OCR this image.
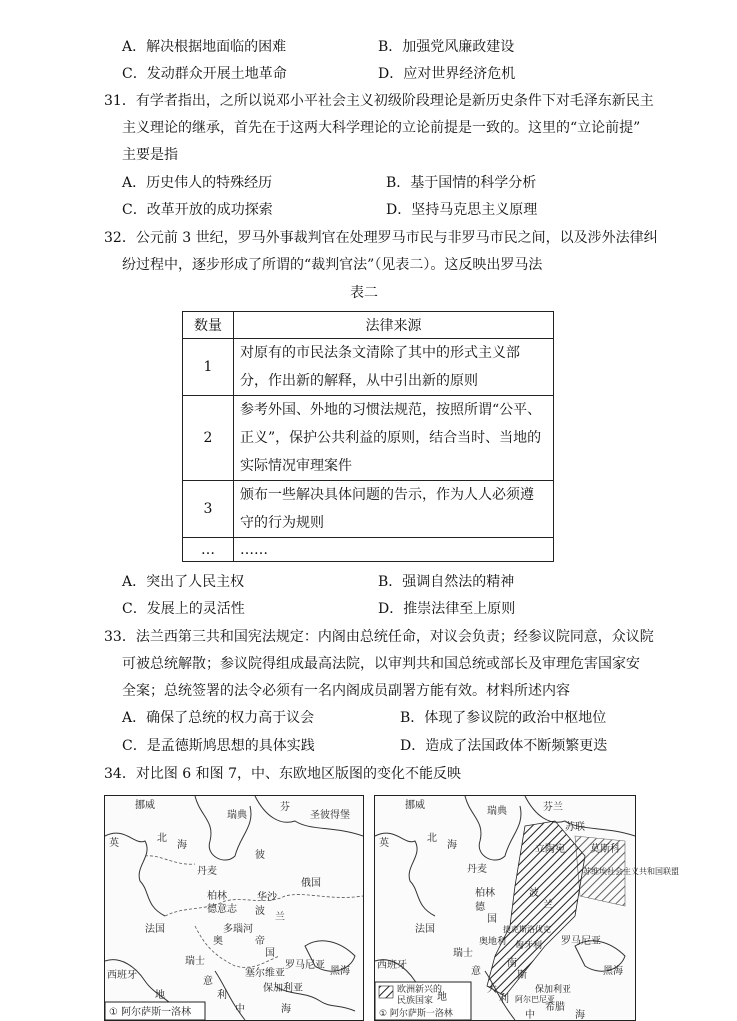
A．解决根据地面临的困难	B．加强党风廉政建设
C．发动群众开展土地革命	D．应对世界经济危机
31．有学者指出，之所以说邓小平社会主义初级阶段理论是新历史条件下对毛泽东新民主
主义理论的继承，首先在于这两大科学理论的立论前提是一致的。这里的“立论前提”
主要是指
A．历史伟人的特殊经历	B．基于国情的科学分析
C．改革开放的成功探索	D．坚持马克思主义原理
32．公元前 3 世纪，罗马外事裁判官在处理罗马市民与非罗马市民之间，以及涉外法律纠
纷过程中，逐步形成了所谓的“裁判官法”（见表二）。这反映出罗马法
表二
数量	法律来源
1	对原有的市民法条文清除了其中的形式主义部分，作出新的解释，从中引出新的原则
2	参考外国、外地的习惯法规范，按照所谓“公平、正义”，保护公共利益的原则，结合当时、当地的实际情况审理案件
3	颁布一些解决具体问题的告示，作为人人必须遵守的行为规则
…	……
A．突出了人民主权	B．强调自然法的精神
C．发展上的灵活性	D．推崇法律至上原则
33．法兰西第三共和国宪法规定：内阁由总统任命，对议会负责；经参议院同意，众议院
可被总统解散；参议院得组成最高法院，以审判共和国总统或部长及审理危害国家安
全案；总统签署的法令必须有一名内阁成员副署方能有效。材料所述内容
A．确保了总统的权力高于议会	B．体现了参议院的政治中枢地位
C．是孟德斯鸠思想的具体实践	D．造成了法国政体不断频繁更迭
34．对比图 6 和图 7，中、东欧地区版图的变化不能反映
挪威
瑞典
芬
圣彼得堡
英	北
海
丹麦
彼
柏林
德意志
华沙
俄国
波
兰
法国
奥
多瑙河
帝
国
瑞士	罗马尼亚
塞尔维亚	黑海
保加利亚
西班牙
意
利
地
中	海
① 阿尔萨斯一洛林
挪威
瑞典	芬兰
苏联
莫斯科
苏维埃社会主义共和国联盟
北
海
丹麦
立陶宛
波
兰
英
柏林
德
国
捷克斯洛伐克
法国
奥地利 匈牙利 罗马尼亚
瑞士
意
南
斯	黑海
西班牙
大
利
保加利亚
阿尔巴尼亚
希腊
地
中	海
欧洲新兴的
民族国家
① 阿尔萨斯一洛林
